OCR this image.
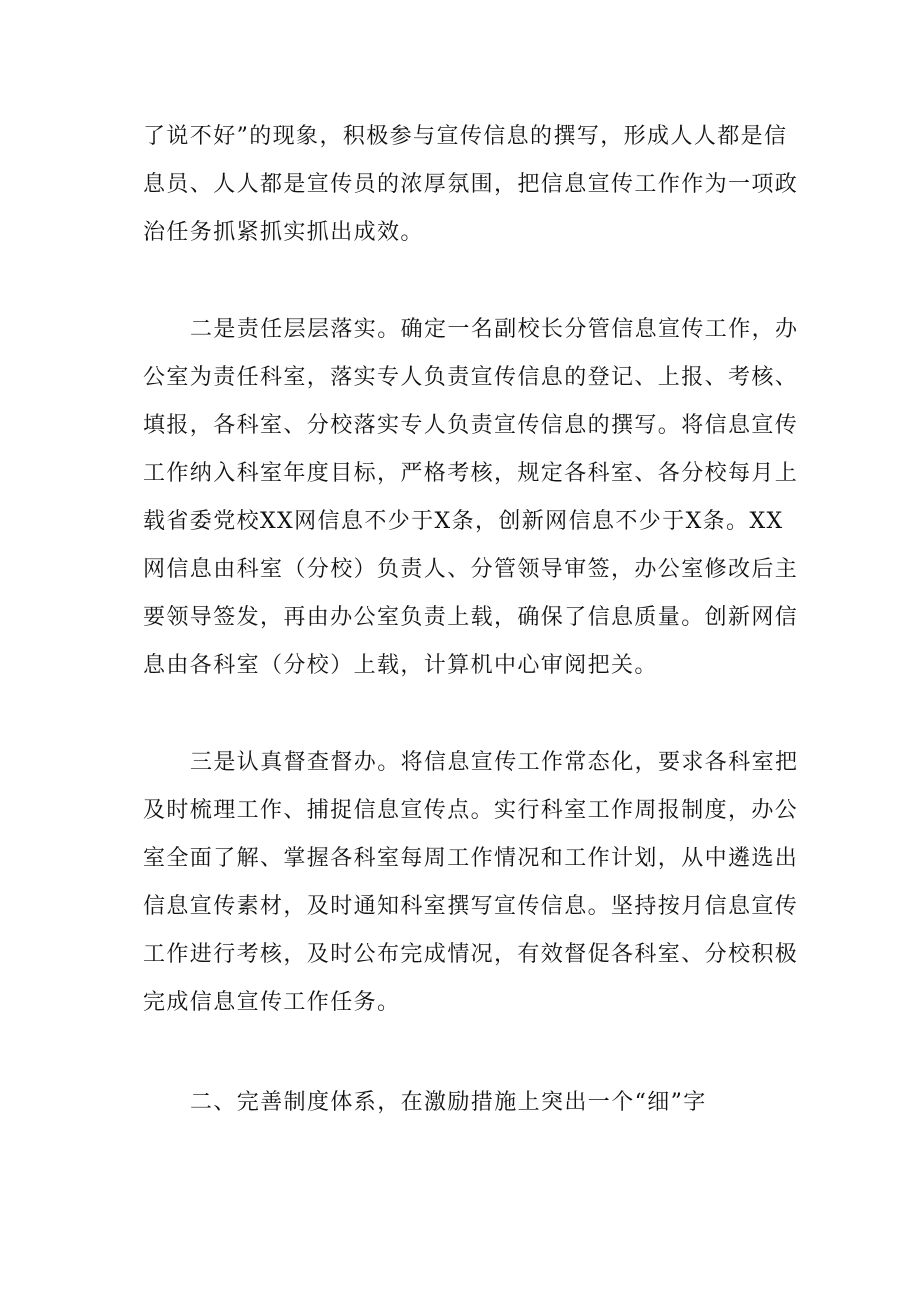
了说不好”的现象，积极参与宣传信息的撰写，形成人人都是信
息员、人人都是宣传员的浓厚氛围，把信息宣传工作作为一项政
治任务抓紧抓实抓出成效。

二是责任层层落实。确定一名副校长分管信息宣传工作，办
公室为责任科室，落实专人负责宣传信息的登记、上报、考核、
填报，各科室、分校落实专人负责宣传信息的撰写。将信息宣传
工作纳入科室年度目标，严格考核，规定各科室、各分校每月上
载省委党校XX网信息不少于X条，创新网信息不少于X条。XX
网信息由科室（分校）负责人、分管领导审签，办公室修改后主
要领导签发，再由办公室负责上载，确保了信息质量。创新网信
息由各科室（分校）上载，计算机中心审阅把关。

三是认真督查督办。将信息宣传工作常态化，要求各科室把
及时梳理工作、捕捉信息宣传点。实行科室工作周报制度，办公
室全面了解、掌握各科室每周工作情况和工作计划，从中遴选出
信息宣传素材，及时通知科室撰写宣传信息。坚持按月信息宣传
工作进行考核，及时公布完成情况，有效督促各科室、分校积极
完成信息宣传工作任务。

二、完善制度体系，在激励措施上突出一个“细”字
